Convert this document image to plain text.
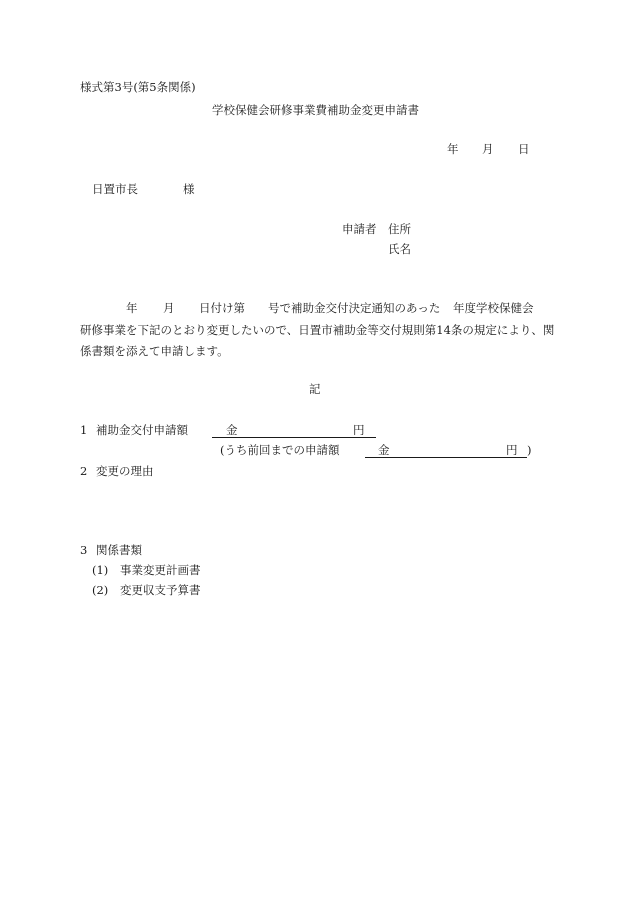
様式第3号(第5条関係)
学校保健会研修事業費補助金変更申請書
年 月 日
日置市長	様
申請者 住所
氏名
年 月 日付け第 号で補助金交付決定通知のあった 年度学校保健会
研修事業を下記のとおり変更したいので、日置市補助金等交付規則第14条の規定により、関
係書類を添えて申請します。
記
1 補助金交付申請額	金	円
(うち前回までの申請額	金	円 )
2 変更の理由
3 関係書類
(1) 事業変更計画書
(2) 変更収支予算書
